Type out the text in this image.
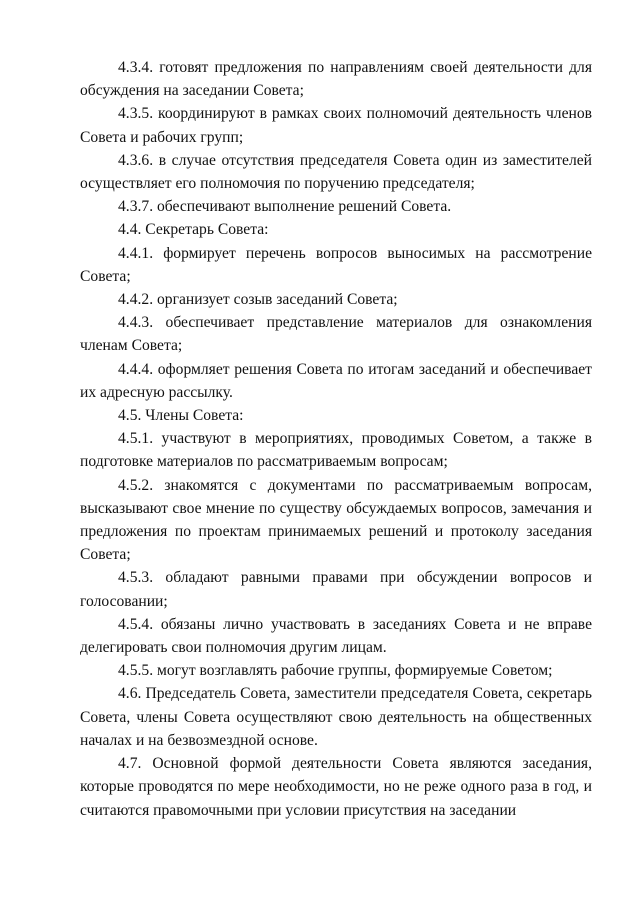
4.3.4. готовят предложения по направлениям своей деятельности для обсуждения на заседании Совета;

4.3.5. координируют в рамках своих полномочий деятельность членов Совета и рабочих групп;

4.3.6. в случае отсутствия председателя Совета один из заместителей осуществляет его полномочия по поручению председателя;

4.3.7. обеспечивают выполнение решений Совета.

4.4. Секретарь Совета:

4.4.1. формирует перечень вопросов выносимых на рассмотрение Совета;

4.4.2. организует созыв заседаний Совета;

4.4.3. обеспечивает представление материалов для ознакомления членам Совета;

4.4.4. оформляет решения Совета по итогам заседаний и обеспечивает их адресную рассылку.

4.5. Члены Совета:

4.5.1. участвуют в мероприятиях, проводимых Советом, а также в подготовке материалов по рассматриваемым вопросам;

4.5.2. знакомятся с документами по рассматриваемым вопросам, высказывают свое мнение по существу обсуждаемых вопросов, замечания и предложения по проектам принимаемых решений и протоколу заседания Совета;

4.5.3. обладают равными правами при обсуждении вопросов и голосовании;

4.5.4. обязаны лично участвовать в заседаниях Совета и не вправе делегировать свои полномочия другим лицам.

4.5.5. могут возглавлять рабочие группы, формируемые Советом;

4.6. Председатель Совета, заместители председателя Совета, секретарь Совета, члены Совета осуществляют свою деятельность на общественных началах и на безвозмездной основе.

4.7. Основной формой деятельности Совета являются заседания, которые проводятся по мере необходимости, но не реже одного раза в год, и считаются правомочными при условии присутствия на заседании
